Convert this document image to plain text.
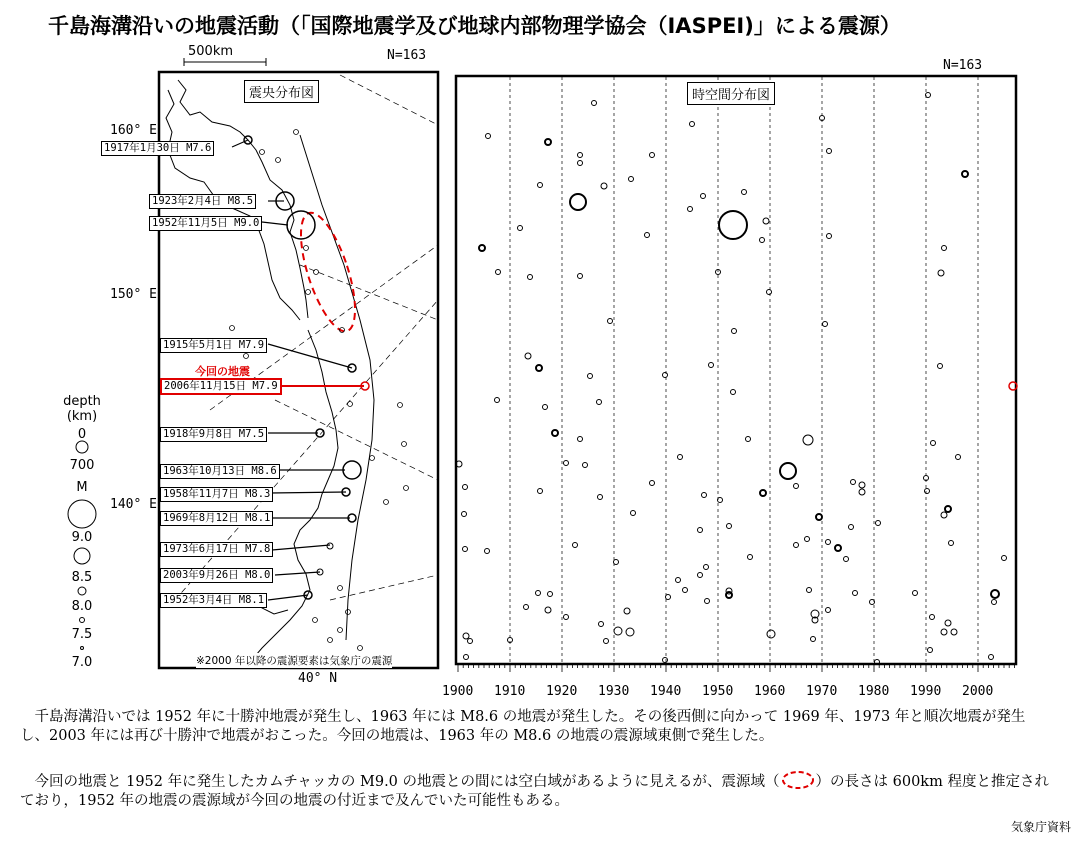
千島海溝沿いの地震活動（「国際地震学及び地球内部物理学協会（IASPEI)」による震源）
N=163
500km
震央分布図
160° E
150° E
140° E
40° N
※2000 年以降の震源要素は気象庁の震源
1917年1月30日 M7.6
1923年2月4日 M8.5
1952年11月5日 M9.0
1915年5月1日 M7.9
今回の地震
2006年11月15日 M7.9
1918年9月8日 M7.5
1963年10月13日 M8.6
1958年11月7日 M8.3
1969年8月12日 M8.1
1973年6月17日 M7.8
2003年9月26日 M8.0
1952年3月4日 M8.1
depth
(km)
0
700
M
9.0
8.5
8.0
7.5
7.0
N=163
時空間分布図
1900 1910 1920 1930 1940 1950 1960 1970 1980 1990 2000
　千島海溝沿いでは 1952 年に十勝沖地震が発生し、1963 年には M8.6 の地震が発生した。その後西側に向かって 1969 年、1973 年と順次地震が発生し、2003 年には再び十勝沖で地震がおこった。今回の地震は、1963 年の M8.6 の地震の震源域東側で発生した。
　今回の地震と 1952 年に発生したカムチャッカの M9.0 の地震との間には空白域があるように見えるが、震源域（ ）の長さは 600km 程度と推定されており，1952 年の地震の震源域が今回の地震の付近まで及んでいた可能性もある。
気象庁資料
